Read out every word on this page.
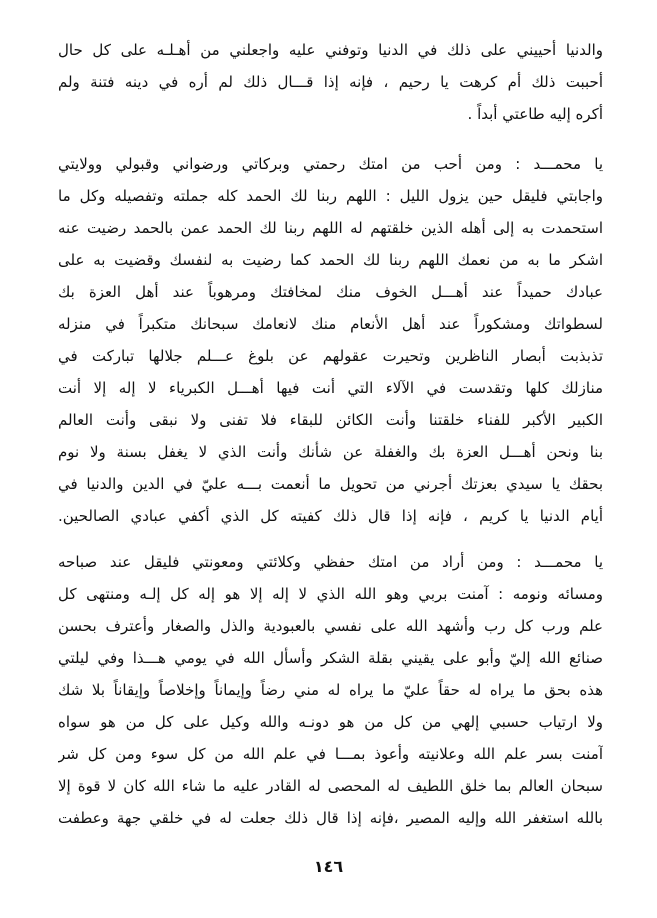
والدنيا أحييني على ذلك في الدنيا وتوفني عليه واجعلني من أهـلـه على كل حال
أحببت ذلك أم كرهت يا رحيم ، فإنه إذا قـــال ذلك لم أره في دينه فتنة ولم
أكره إليه طاعتي أبداً .
يا محمـــد : ومن أحب من امتك رحمتي وبركاتي ورضواني وقبولي وولايتي
واجابتي فليقل حين يزول الليل : اللهم ربنا لك الحمد كله جملته وتفصيله وكل ما
استحمدت به إلى أهله الذين خلقتهم له اللهم ربنا لك الحمد عمن بالحمد رضيت عنه
اشكر ما به من نعمك اللهم ربنا لك الحمد كما رضيت به لنفسك وقضيت به على
عبادك حميداً عند أهـــل الخوف منك لمخافتك ومرهوباً عند أهل العزة بك
لسطواتك ومشكوراً عند أهل الأنعام منك لانعامك سبحانك متكبراً في منزله
تذبذبت أبصار الناظرين وتحيرت عقولهم عن بلوغ عـــلم جلالها تباركت في
منازلك كلها وتقدست في الآلاء التي أنت فيها أهـــل الكبرياء لا إله إلا أنت
الكبير الأكبر للفناء خلقتنا وأنت الكائن للبقاء فلا تفنى ولا نبقى وأنت العالم
بنا ونحن أهـــل العزة بك والغفلة عن شأنك وأنت الذي لا يغفل بسنة ولا نوم
بحقك يا سيدي بعزتك أجرني من تحويل ما أنعمت بـــه عليّ في الدين والدنيا في
أيام الدنيا يا كريم ، فإنه إذا قال ذلك كفيته كل الذي أكفي عبادي الصالحين.
يا محمـــد : ومن أراد من امتك حفظي وكلائتي ومعونتي فليقل عند صباحه
ومسائه ونومه : آمنت بربي وهو الله الذي لا إله إلا هو إله كل إلـه ومنتهى كل
علم ورب كل رب وأشهد الله على نفسي بالعبودية والذل والصغار وأعترف بحسن
صنائع الله إليّ وأبو على يقيني بقلة الشكر وأسأل الله في يومي هـــذا وفي ليلتي
هذه بحق ما يراه له حقاً عليّ ما يراه له مني رضاً وإيماناً وإخلاصاً وإيقاناً بلا شك
ولا ارتياب حسبي إلهي من كل من هو دونـه والله وكيل على كل من هو سواه
آمنت بسر علم الله وعلانيته وأعوذ بمـــا في علم الله من كل سوء ومن كل شر
سبحان العالم بما خلق اللطيف له المحصى له القادر عليه ما شاء الله كان لا قوة إلا
بالله استغفر الله وإليه المصير ،فإنه إذا قال ذلك جعلت له في خلقي جهة وعطفت
١٤٦
